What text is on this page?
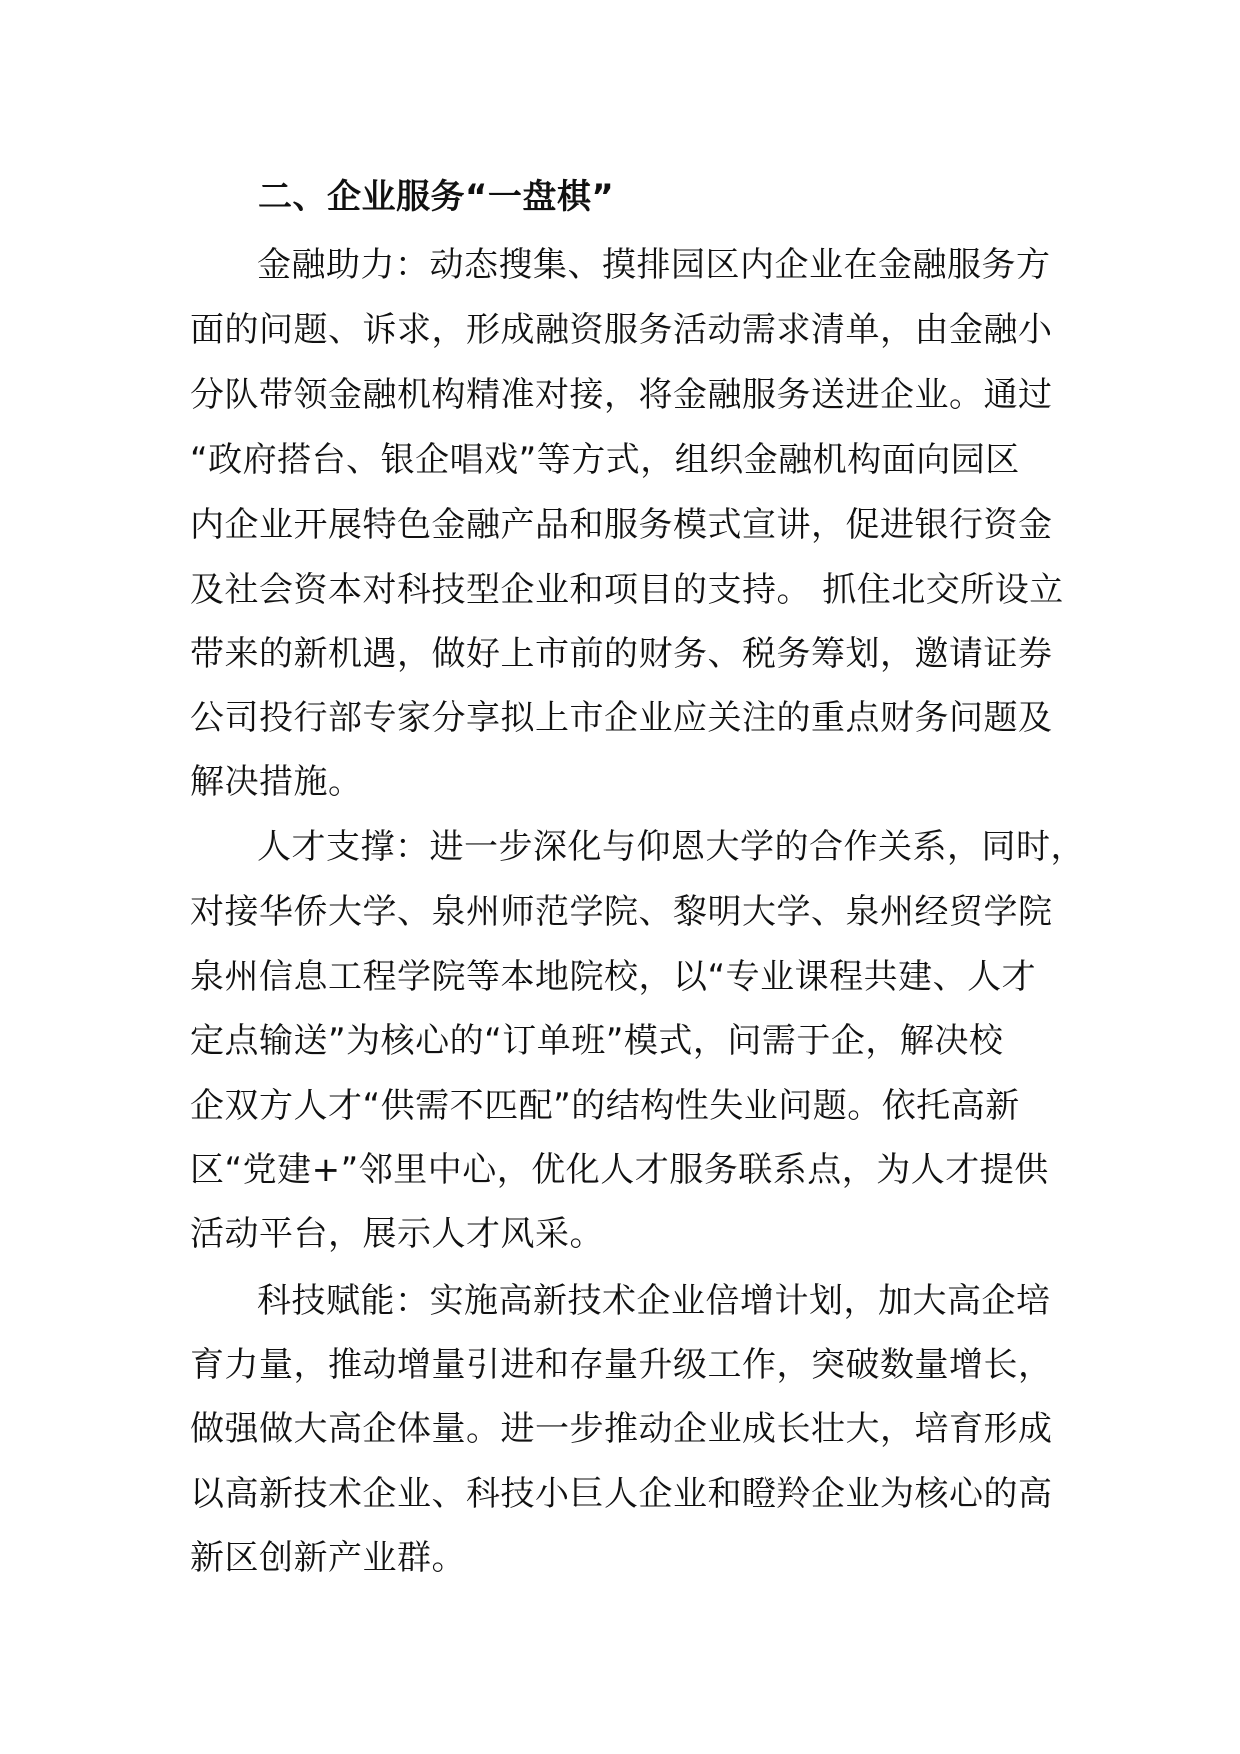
二、企业服务“一盘棋”

金融助力：动态搜集、摸排园区内企业在金融服务方

面的问题、诉求，形成融资服务活动需求清单，由金融小

分队带领金融机构精准对接，将金融服务送进企业。通过

“政府搭台、银企唱戏”等方式，组织金融机构面向园区

内企业开展特色金融产品和服务模式宣讲，促进银行资金

及社会资本对科技型企业和项目的支持。 抓住北交所设立

带来的新机遇，做好上市前的财务、税务筹划，邀请证券

公司投行部专家分享拟上市企业应关注的重点财务问题及

解决措施。

人才支撑：进一步深化与仰恩大学的合作关系，同时，

对接华侨大学、泉州师范学院、黎明大学、泉州经贸学院

泉州信息工程学院等本地院校，以“专业课程共建、人才

定点输送”为核心的“订单班”模式，问需于企，解决校

企双方人才“供需不匹配”的结构性失业问题。依托高新

区“党建+”邻里中心，优化人才服务联系点，为人才提供

活动平台，展示人才风采。

科技赋能：实施高新技术企业倍增计划，加大高企培

育力量，推动增量引进和存量升级工作，突破数量增长，

做强做大高企体量。进一步推动企业成长壮大，培育形成

以高新技术企业、科技小巨人企业和瞪羚企业为核心的高

新区创新产业群。
